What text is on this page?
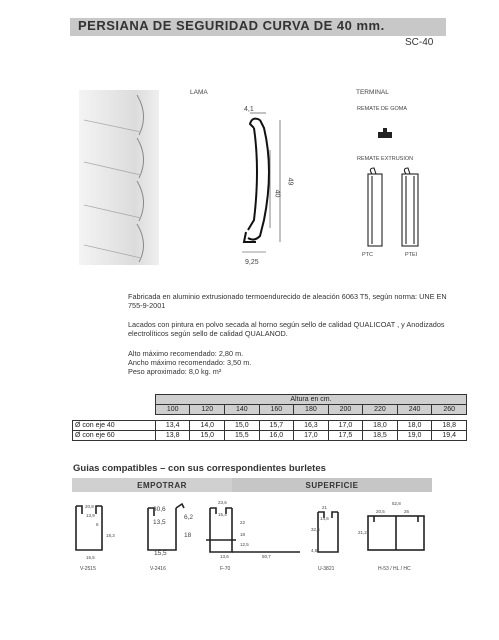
PERSIANA DE SEGURIDAD CURVA DE 40 mm.
SC-40
LAMA
4,1
49
40
9,25
TERMINAL
REMATE DE GOMA
REMATE EXTRUSION
PTC	PTEI
Fabricada en aluminio extrusionado termoendurecido de aleación 6063 T5, según norma: UNE EN 755-9-2001
Lacados con pintura en polvo secada al horno según sello de calidad QUALICOAT , y Anodizados electrolíticos según sello de calidad QUALANOD.
Alto máximo recomendado: 2,80 m.
Ancho máximo recomendado: 3,50 m.
Peso aproximado: 8,0 kg. m²
	Altura en cm.								
	100	120	140	160	180	200	220	240	260

Ø con eje 40	13,4	14,0	15,0	15,7	16,3	17,0	18,0	18,0	18,8
Ø con eje 60	13,8	15,0	15,5	16,0	17,0	17,5	18,5	19,0	19,4
Guias compatibles – con sus correspondientes burletes
EMPOTRAR	SUPERFICIE
20,8
13,9
6
18,3
15,5
V-2515
30,6
13,5
6,2
18
15,5
V-2416
23,6
15,4
22
18
12,5
13,6	50,7
F-70
21
14,6
32,5
4,5
U-3821
52,8
20,5	26
21,2
H-53 / HL / HC
